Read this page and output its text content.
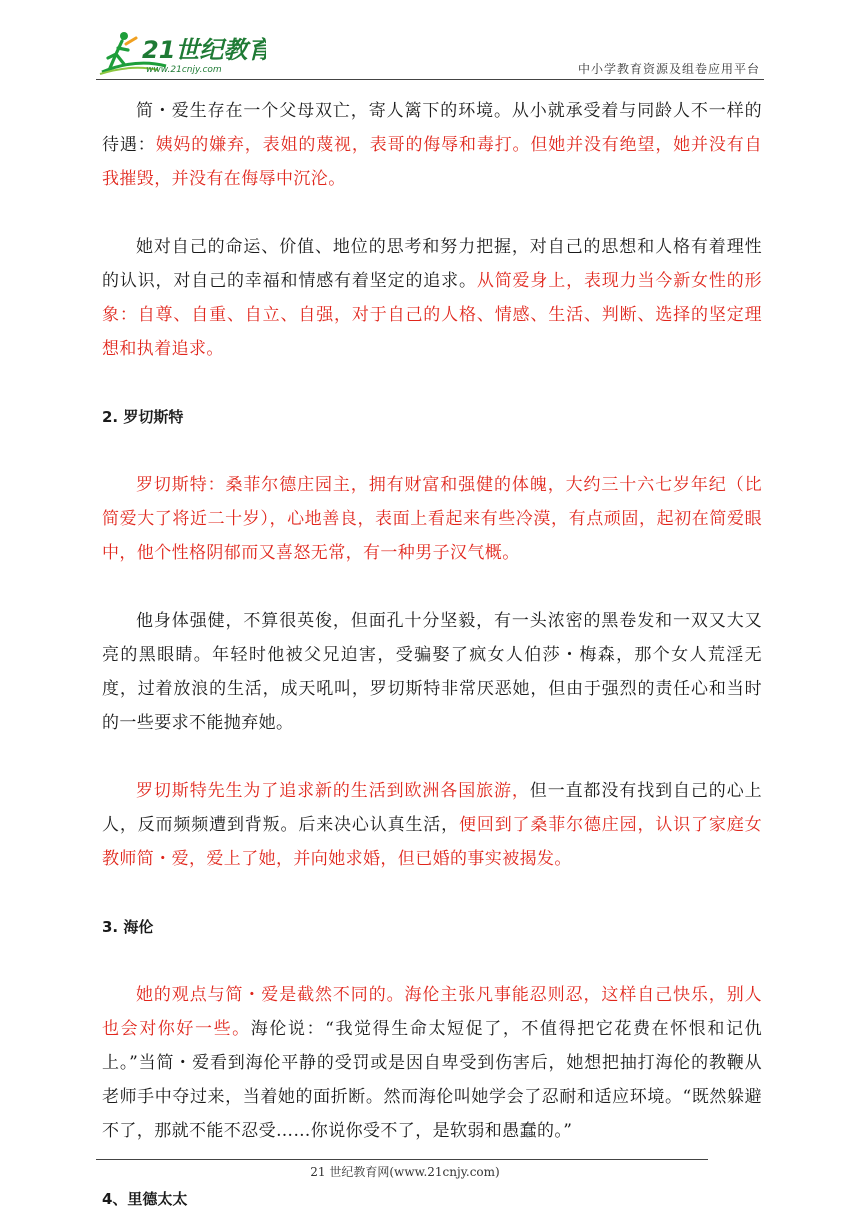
21世纪教育
www.21cnjy.com	中小学教育资源及组卷应用平台

简・爱生存在一个父母双亡，寄人篱下的环境。从小就承受着与同龄人不一样的待遇：姨妈的嫌弃，表姐的蔑视，表哥的侮辱和毒打。但她并没有绝望，她并没有自我摧毁，并没有在侮辱中沉沦。

她对自己的命运、价值、地位的思考和努力把握，对自己的思想和人格有着理性的认识，对自己的幸福和情感有着坚定的追求。从简爱身上，表现力当今新女性的形象：自尊、自重、自立、自强，对于自己的人格、情感、生活、判断、选择的坚定理想和执着追求。

2. 罗切斯特

罗切斯特：桑菲尔德庄园主，拥有财富和强健的体魄，大约三十六七岁年纪（比简爱大了将近二十岁），心地善良，表面上看起来有些冷漠，有点顽固，起初在简爱眼中，他个性格阴郁而又喜怒无常，有一种男子汉气概。

他身体强健，不算很英俊，但面孔十分坚毅，有一头浓密的黑卷发和一双又大又亮的黑眼睛。年轻时他被父兄迫害，受骗娶了疯女人伯莎・梅森，那个女人荒淫无度，过着放浪的生活，成天吼叫，罗切斯特非常厌恶她，但由于强烈的责任心和当时的一些要求不能抛弃她。

罗切斯特先生为了追求新的生活到欧洲各国旅游，但一直都没有找到自己的心上人，反而频频遭到背叛。后来决心认真生活，便回到了桑菲尔德庄园，认识了家庭女教师简・爱，爱上了她，并向她求婚，但已婚的事实被揭发。

3. 海伦

她的观点与简・爱是截然不同的。海伦主张凡事能忍则忍，这样自己快乐，别人也会对你好一些。海伦说：“我觉得生命太短促了，不值得把它花费在怀恨和记仇上。”当简・爱看到海伦平静的受罚或是因自卑受到伤害后，她想把抽打海伦的教鞭从老师手中夺过来，当着她的面折断。然而海伦叫她学会了忍耐和适应环境。“既然躲避不了，那就不能不忍受……你说你受不了，是软弱和愚蠢的。”

4、里德太太

21 世纪教育网(www.21cnjy.com)
